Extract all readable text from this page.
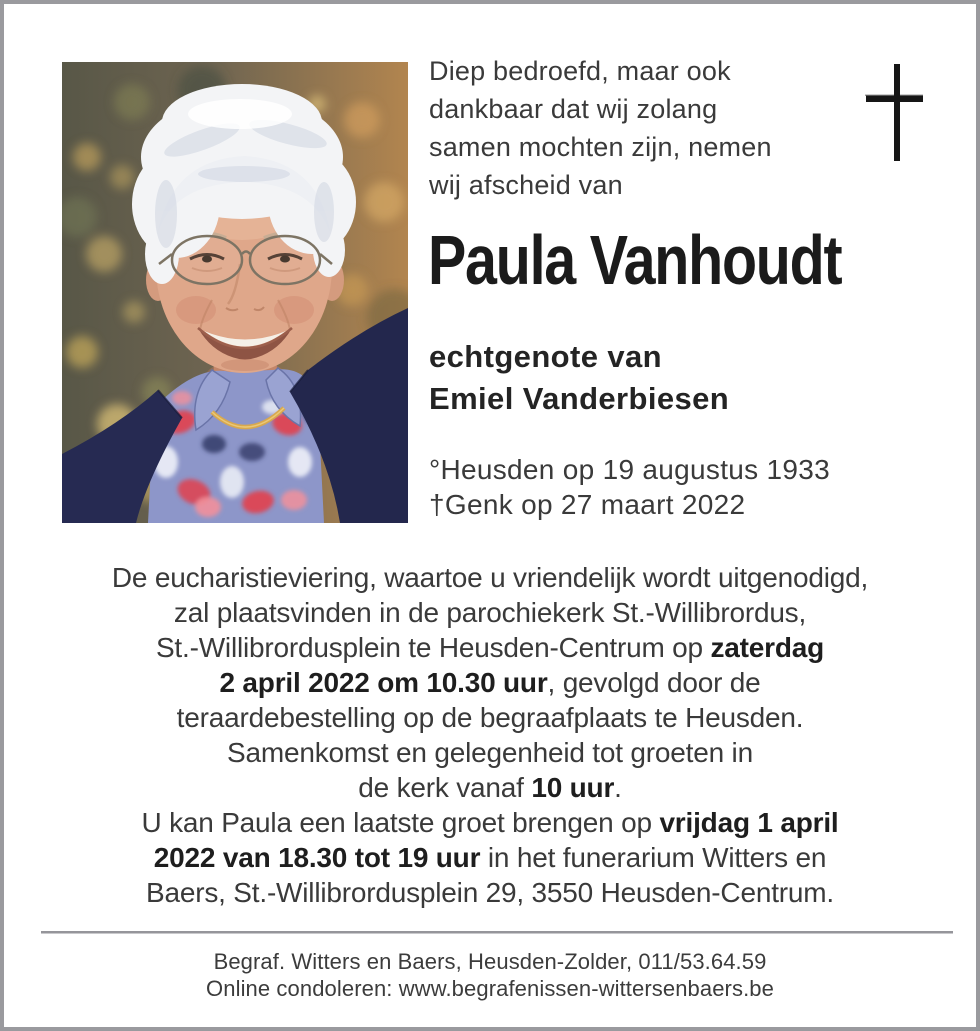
Diep bedroefd, maar ook
dankbaar dat wij zolang
samen mochten zijn, nemen
wij afscheid van
Paula Vanhoudt
echtgenote van
Emiel Vanderbiesen
°Heusden op 19 augustus 1933
†Genk op 27 maart 2022
De eucharistieviering, waartoe u vriendelijk wordt uitgenodigd,
zal plaatsvinden in de parochiekerk St.-Willibrordus,
St.-Willibrordusplein te Heusden-Centrum op zaterdag
2 april 2022 om 10.30 uur, gevolgd door de
teraardebestelling op de begraafplaats te Heusden.
Samenkomst en gelegenheid tot groeten in
de kerk vanaf 10 uur.
U kan Paula een laatste groet brengen op vrijdag 1 april
2022 van 18.30 tot 19 uur in het funerarium Witters en
Baers, St.-Willibrordusplein 29, 3550 Heusden-Centrum.
Begraf. Witters en Baers, Heusden-Zolder, 011/53.64.59
Online condoleren: www.begrafenissen-wittersenbaers.be
